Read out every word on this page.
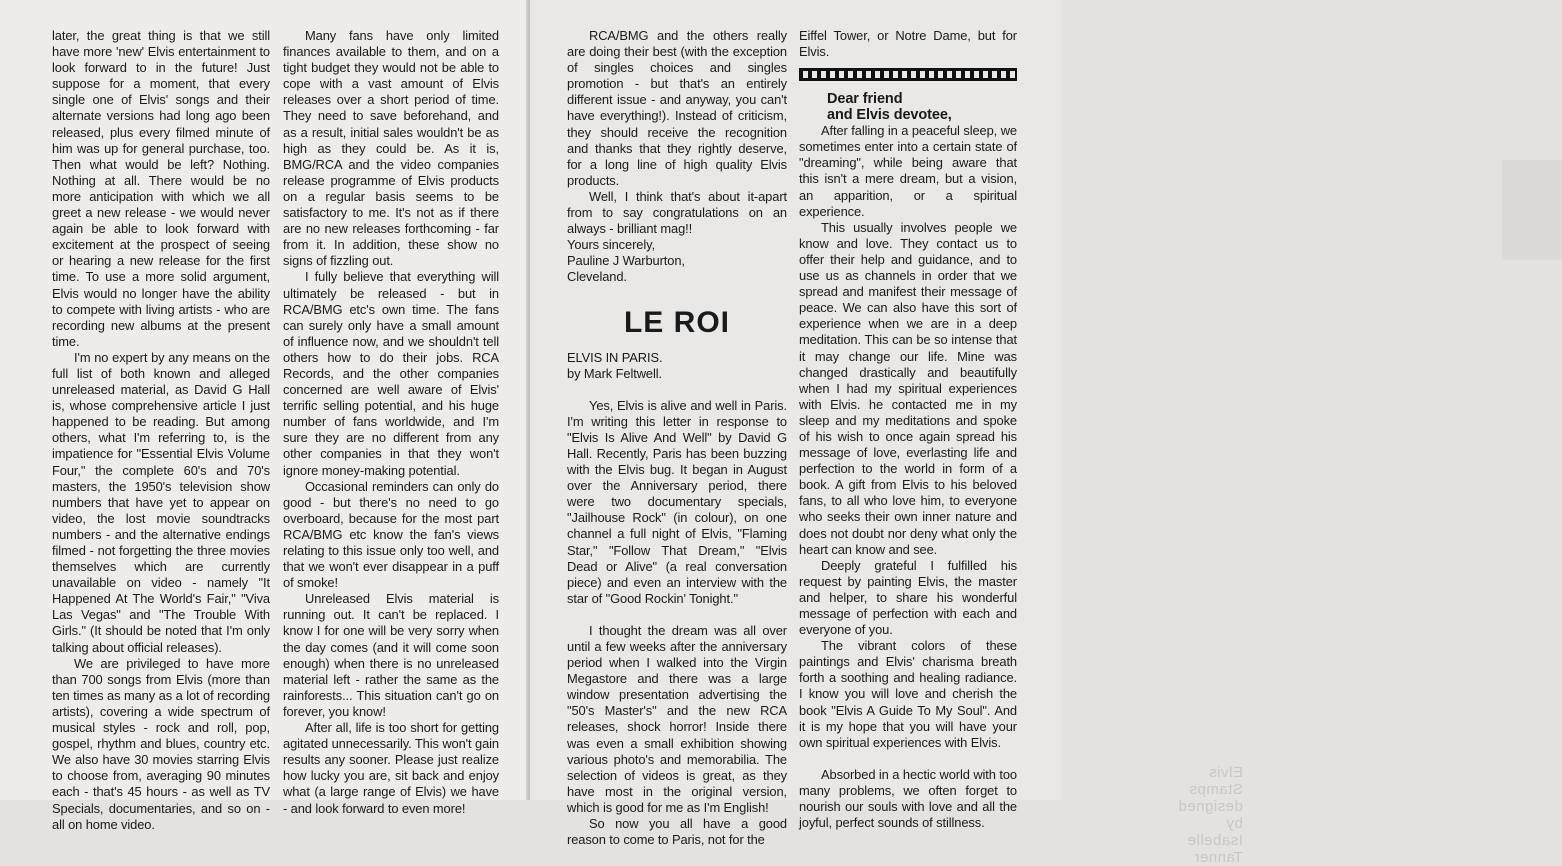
later, the great thing is that we still have more 'new' Elvis entertainment to look forward to in the future! Just suppose for a moment, that every single one of Elvis' songs and their alternate versions had long ago been released, plus every filmed minute of him was up for general purchase, too. Then what would be left? Nothing. Nothing at all. There would be no more anticipation with which we all greet a new release - we would never again be able to look forward with excitement at the prospect of seeing or hearing a new release for the first time. To use a more solid argument, Elvis would no longer have the ability to compete with living artists - who are recording new albums at the present time.

I'm no expert by any means on the full list of both known and alleged unreleased material, as David G Hall is, whose comprehensive article I just happened to be reading. But among others, what I'm referring to, is the impatience for "Essential Elvis Volume Four," the complete 60's and 70's masters, the 1950's television show numbers that have yet to appear on video, the lost movie soundtracks numbers - and the alternative endings filmed - not forgetting the three movies themselves which are currently unavailable on video - namely "It Happened At The World's Fair," "Viva Las Vegas" and "The Trouble With Girls." (It should be noted that I'm only talking about official releases).

We are privileged to have more than 700 songs from Elvis (more than ten times as many as a lot of recording artists), covering a wide spectrum of musical styles - rock and roll, pop, gospel, rhythm and blues, country etc. We also have 30 movies starring Elvis to choose from, averaging 90 minutes each - that's 45 hours - as well as TV Specials, documentaries, and so on - all on home video.

Many fans have only limited finances available to them, and on a tight budget they would not be able to cope with a vast amount of Elvis releases over a short period of time. They need to save beforehand, and as a result, initial sales wouldn't be as high as they could be. As it is, BMG/RCA and the video companies release programme of Elvis products on a regular basis seems to be satisfactory to me. It's not as if there are no new releases forthcoming - far from it. In addition, these show no signs of fizzling out.

I fully believe that everything will ultimately be released - but in RCA/BMG etc's own time. The fans can surely only have a small amount of influence now, and we shouldn't tell others how to do their jobs. RCA Records, and the other companies concerned are well aware of Elvis' terrific selling potential, and his huge number of fans worldwide, and I'm sure they are no different from any other companies in that they won't ignore money-making potential.

Occasional reminders can only do good - but there's no need to go overboard, because for the most part RCA/BMG etc know the fan's views relating to this issue only too well, and that we won't ever disappear in a puff of smoke!

Unreleased Elvis material is running out. It can't be replaced. I know I for one will be very sorry when the day comes (and it will come soon enough) when there is no unreleased material left - rather the same as the rainforests... This situation can't go on forever, you know!

After all, life is too short for getting agitated unnecessarily. This won't gain results any sooner. Please just realize how lucky you are, sit back and enjoy what (a large range of Elvis) we have - and look forward to even more!

Elvis Stamps designed by Isabelle Tanner

RCA/BMG and the others really are doing their best (with the exception of singles choices and singles promotion - but that's an entirely different issue - and anyway, you can't have everything!). Instead of criticism, they should receive the recognition and thanks that they rightly deserve, for a long line of high quality Elvis products.

Well, I think that's about it-apart from to say congratulations on an always - brilliant mag!!

Yours sincerely,

Pauline J Warburton,

Cleveland.

LE ROI

ELVIS IN PARIS.

by Mark Feltwell.

Yes, Elvis is alive and well in Paris. I'm writing this letter in response to "Elvis Is Alive And Well" by David G Hall. Recently, Paris has been buzzing with the Elvis bug. It began in August over the Anniversary period, there were two documentary specials, "Jailhouse Rock" (in colour), on one channel a full night of Elvis, "Flaming Star," "Follow That Dream," "Elvis Dead or Alive" (a real conversation piece) and even an interview with the star of "Good Rockin' Tonight."

I thought the dream was all over until a few weeks after the anniversary period when I walked into the Virgin Megastore and there was a large window presentation advertising the "50's Master's" and the new RCA releases, shock horror! Inside there was even a small exhibition showing various photo's and memorabilia. The selection of videos is great, as they have most in the original version, which is good for me as I'm English!

So now you all have a good reason to come to Paris, not for the

Eiffel Tower, or Notre Dame, but for Elvis.

Dear friend
and Elvis devotee,

After falling in a peaceful sleep, we sometimes enter into a certain state of "dreaming", while being aware that this isn't a mere dream, but a vision, an apparition, or a spiritual experience.

This usually involves people we know and love. They contact us to offer their help and guidance, and to use us as channels in order that we spread and manifest their message of peace. We can also have this sort of experience when we are in a deep meditation. This can be so intense that it may change our life. Mine was changed drastically and beautifully when I had my spiritual experiences with Elvis. he contacted me in my sleep and my meditations and spoke of his wish to once again spread his message of love, everlasting life and perfection to the world in form of a book. A gift from Elvis to his beloved fans, to all who love him, to everyone who seeks their own inner nature and does not doubt nor deny what only the heart can know and see.

Deeply grateful I fulfilled his request by painting Elvis, the master and helper, to share his wonderful message of perfection with each and everyone of you.

The vibrant colors of these paintings and Elvis' charisma breath forth a soothing and healing radiance. I know you will love and cherish the book "Elvis A Guide To My Soul". And it is my hope that you will have your own spiritual experiences with Elvis.

Absorbed in a hectic world with too many problems, we often forget to nourish our souls with love and all the joyful, perfect sounds of stillness.
